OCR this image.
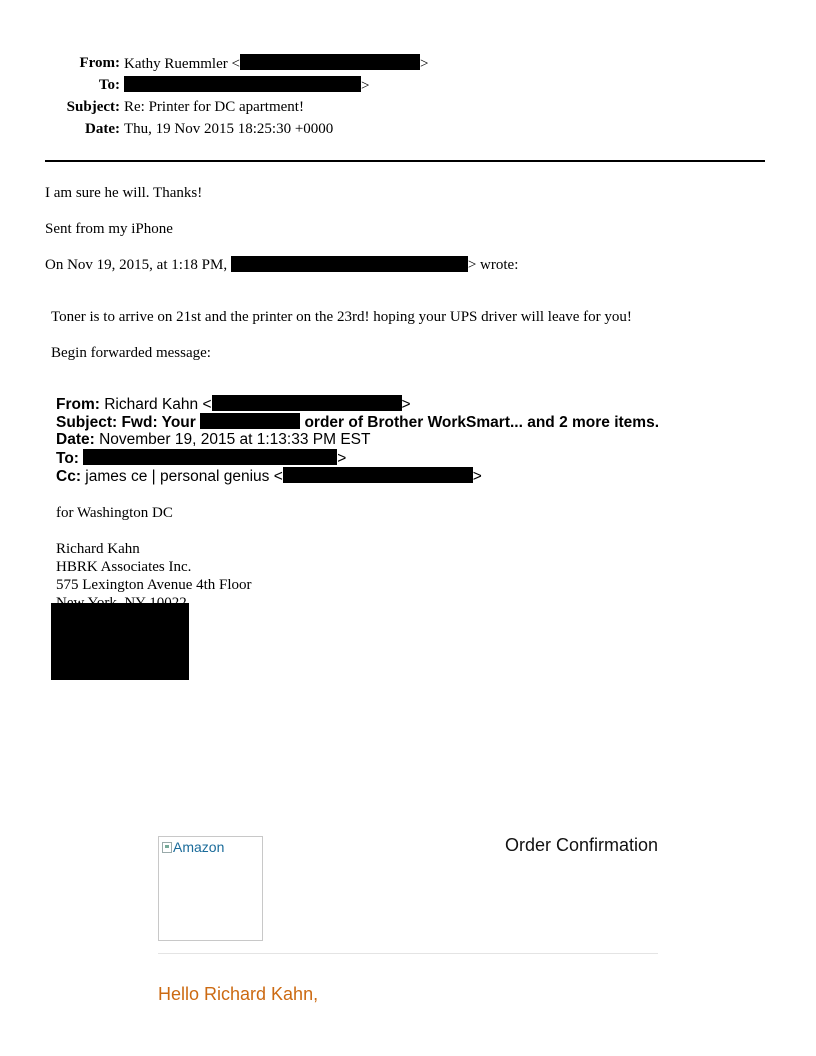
From: Kathy Ruemmler <	>
To:	>
Subject: Re: Printer for DC apartment!
Date: Thu, 19 Nov 2015 18:25:30 +0000
I am sure he will. Thanks!
Sent from my iPhone
On Nov 19, 2015, at 1:18 PM,	> wrote:
Toner is to arrive on 21st and the printer on the 23rd! hoping your UPS driver will leave for you!
Begin forwarded message:
From: Richard Kahn <	>
Subject: Fwd: Your	order of Brother WorkSmart... and 2 more items.
Date: November 19, 2015 at 1:13:33 PM EST
To:	>
Cc: james ce | personal genius <	>
for Washington DC
Richard Kahn
HBRK Associates Inc.
575 Lexington Avenue 4th Floor
Amazon	Order Confirmation
Hello Richard Kahn,
